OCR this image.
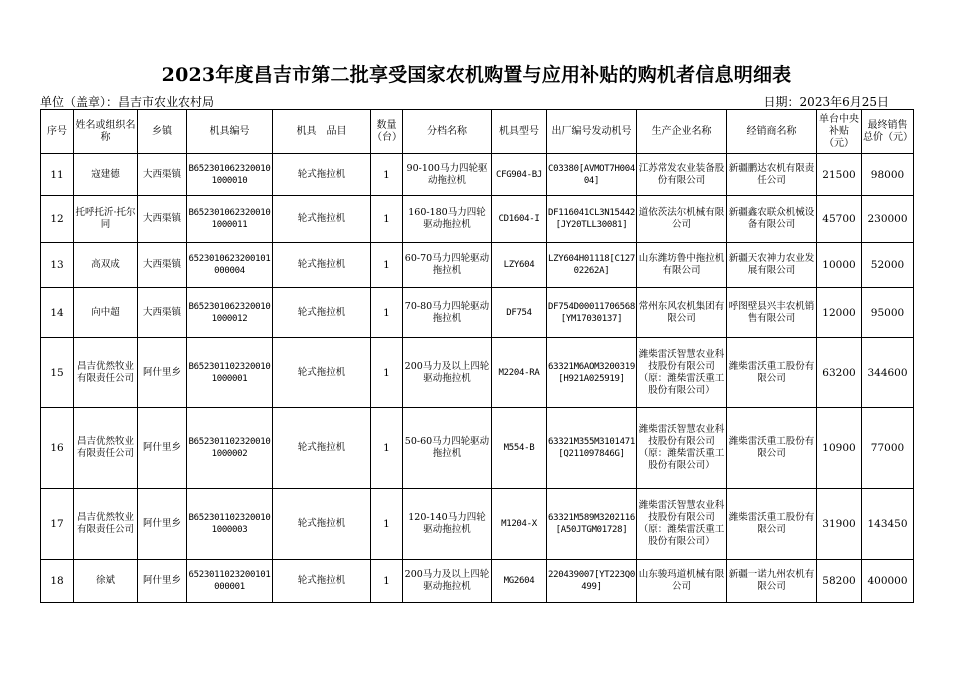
2023年度昌吉市第二批享受国家农机购置与应用补贴的购机者信息明细表
单位（盖章）：昌吉市农业农村局	日期：2023年6月25日
序号	姓名或组织名称	乡镇	机具编号	机具　品目	数量（台）	分档名称	机具型号	出厂编号发动机号	生产企业名称	经销商名称	单台中央补贴（元）	最终销售总价（元）
11	寇建德	大西渠镇	B6523010623200101000010	轮式拖拉机	1	90-100马力四轮驱动拖拉机	CFG904-BJ	C03380[AVMOT7H00404]	江苏常发农业装备股份有限公司	新疆鹏达农机有限责任公司	21500	98000
12	托呼托沂·托尔同	大西渠镇	B6523010623200101000011	轮式拖拉机	1	160-180马力四轮驱动拖拉机	CD1604-I	DF116041CL3N15442[JY20TLL30081]	道依茨法尔机械有限公司	新疆鑫农联众机械设备有限公司	45700	230000
13	高双成	大西渠镇	6523010623200101000004	轮式拖拉机	1	60-70马力四轮驱动拖拉机	LZY604	LZY604H01118[C12702262A]	山东潍坊鲁中拖拉机有限公司	新疆天农神力农业发展有限公司	10000	52000
14	向中超	大西渠镇	B6523010623200101000012	轮式拖拉机	1	70-80马力四轮驱动拖拉机	DF754	DF754D00011706568[YM17030137]	常州东风农机集团有限公司	呼图壁县兴丰农机销售有限公司	12000	95000
15	昌吉优然牧业有限责任公司	阿什里乡	B6523011023200101000001	轮式拖拉机	1	200马力及以上四轮驱动拖拉机	M2204-RA	63321M6AOM3200319[H921A025919]	潍柴雷沃智慧农业科技股份有限公司（原：潍柴雷沃重工股份有限公司）	潍柴雷沃重工股份有限公司	63200	344600
16	昌吉优然牧业有限责任公司	阿什里乡	B6523011023200101000002	轮式拖拉机	1	50-60马力四轮驱动拖拉机	M554-B	63321M355M3101471[Q211097846G]	潍柴雷沃智慧农业科技股份有限公司（原：潍柴雷沃重工股份有限公司）	潍柴雷沃重工股份有限公司	10900	77000
17	昌吉优然牧业有限责任公司	阿什里乡	B6523011023200101000003	轮式拖拉机	1	120-140马力四轮驱动拖拉机	M1204-X	63321M589M3202116[A50JTGM01728]	潍柴雷沃智慧农业科技股份有限公司（原：潍柴雷沃重工股份有限公司）	潍柴雷沃重工股份有限公司	31900	143450
18	徐斌	阿什里乡	6523011023200101000001	轮式拖拉机	1	200马力及以上四轮驱动拖拉机	MG2604	220439007[YT223Q0499]	山东骏玛道机械有限公司	新疆一诺九州农机有限公司	58200	400000
